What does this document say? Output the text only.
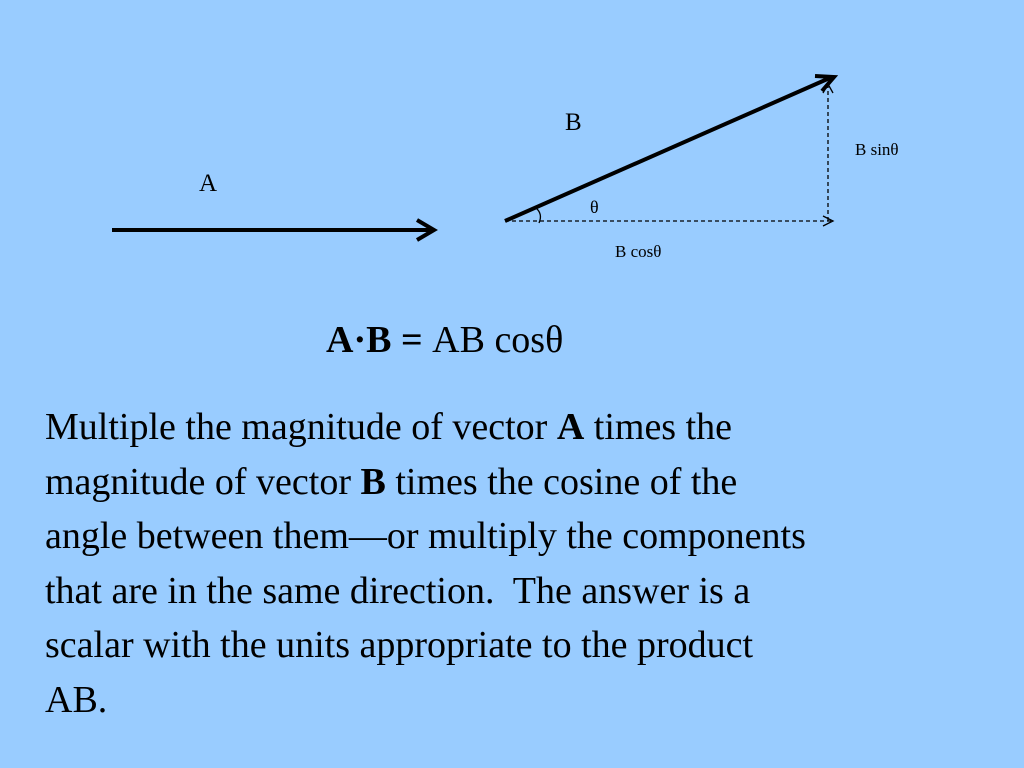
A
B
B cosθ
B sinθ
θ
A·B = AB cosθ

Multiple the magnitude of vector A times the
magnitude of vector B times the cosine of the
angle between them—or multiply the components
that are in the same direction.  The answer is a
scalar with the units appropriate to the product
AB.
